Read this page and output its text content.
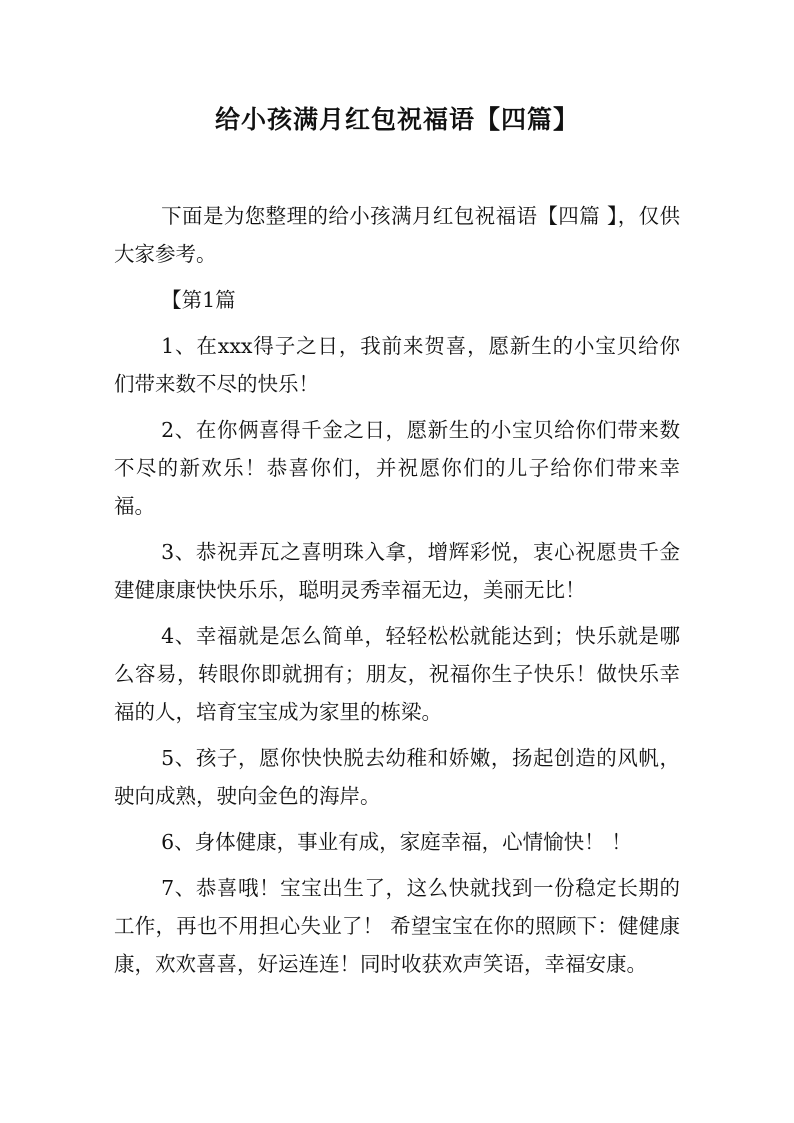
给小孩满月红包祝福语【四篇】

下面是为您整理的给小孩满月红包祝福语【四篇 】，仅供大家参考。

【第1篇

1、在xxx得子之日，我前来贺喜，愿新生的小宝贝给你们带来数不尽的快乐！

2、在你俩喜得千金之日，愿新生的小宝贝给你们带来数不尽的新欢乐！恭喜你们，并祝愿你们的儿子给你们带来幸福。

3、恭祝弄瓦之喜明珠入拿，增辉彩悦，衷心祝愿贵千金建健康康快快乐乐，聪明灵秀幸福无边，美丽无比！

4、幸福就是怎么简单，轻轻松松就能达到；快乐就是哪么容易，转眼你即就拥有；朋友，祝福你生子快乐！做快乐幸福的人，培育宝宝成为家里的栋梁。

5、孩子，愿你快快脱去幼稚和娇嫩，扬起创造的风帆，驶向成熟，驶向金色的海岸。

6、身体健康，事业有成，家庭幸福，心情愉快！ ！

7、恭喜哦！宝宝出生了，这么快就找到一份稳定长期的工作，再也不用担心失业了！ 希望宝宝在你的照顾下：健健康康，欢欢喜喜，好运连连！同时收获欢声笑语，幸福安康。
